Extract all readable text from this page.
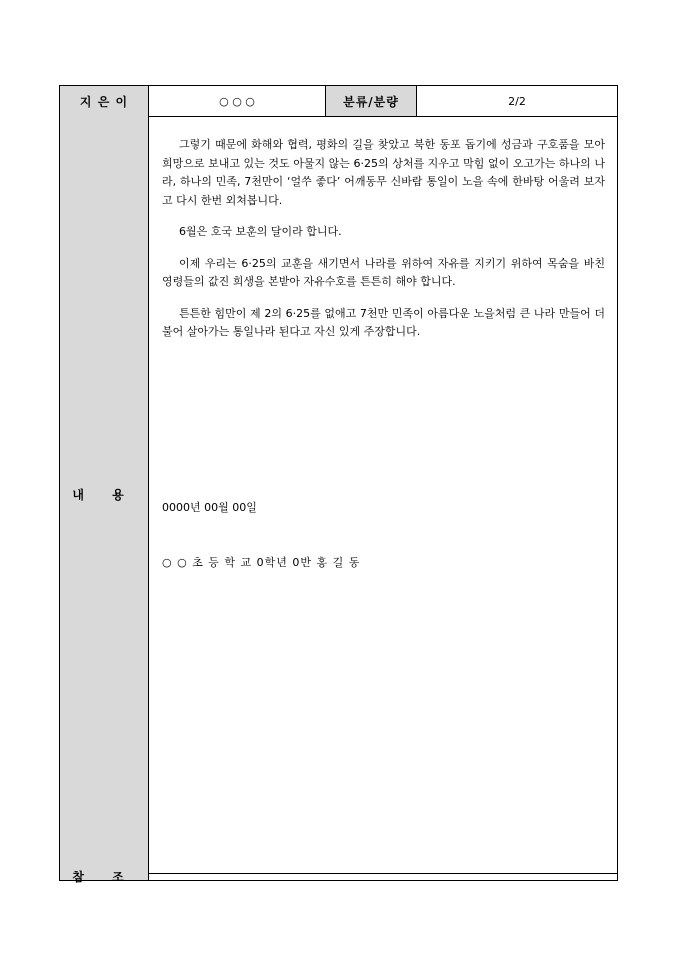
지 은 이	○ ○ ○	분류/분량	2/2
내 용

그렇기 때문에 화해와 협력, 평화의 길을 찾았고 북한 동포 돕기에 성금과 구호품을 모아 희망으로 보내고 있는 것도 아물지 않는 6·25의 상처를 지우고 막힘 없이 오고가는 하나의 나라, 하나의 민족, 7천만이 ‘얼쑤 좋다’ 어깨동무 신바람 통일이 노을 속에 한바탕 어울려 보자고 다시 한번 외쳐봅니다.

6월은 호국 보훈의 달이라 합니다.

이제 우리는 6·25의 교훈을 새기면서 나라를 위하여 자유를 지키기 위하여 목숨을 바친 영령들의 값진 희생을 본받아 자유수호를 튼튼히 해야 합니다.

튼튼한 힘만이 제 2의 6·25를 없애고 7천만 민족이 아름다운 노을처럼 큰 나라 만들어 더불어 살아가는 통일나라 된다고 자신 있게 주장합니다.

0000년 00월 00일
○ ○ 초 등 학 교 0학년 0반 홍 길 동
참 조
